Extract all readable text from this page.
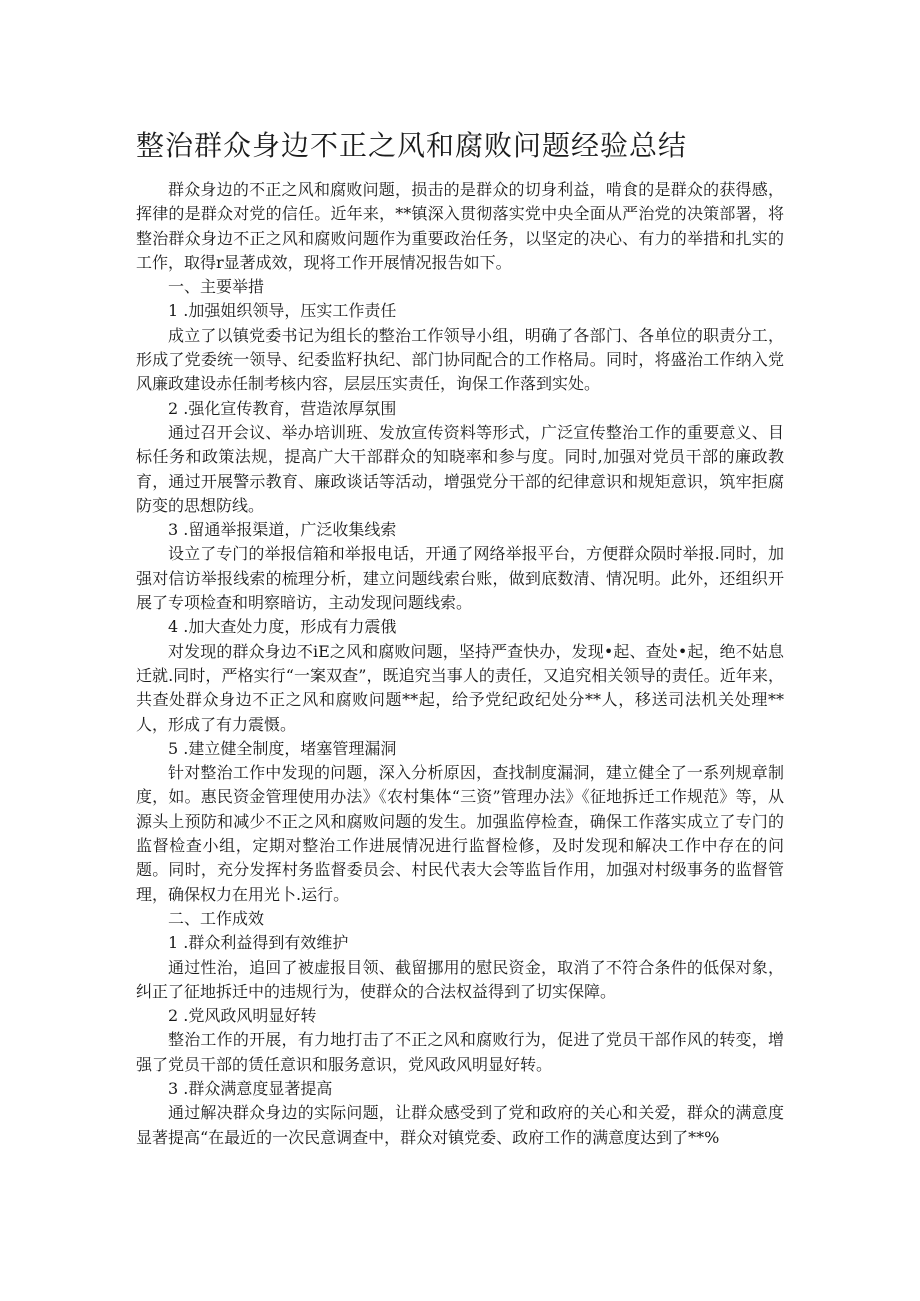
整治群众身边不正之风和腐败问题经验总结

群众身边的不正之风和腐败问题，损击的是群众的切身利益，啃食的是群众的获得感，挥律的是群众对党的信任。近年来，**镇深入贯彻落实党中央全面从严治党的决策部署，将整治群众身边不正之风和腐败问题作为重要政治任务，以坚定的决心、有力的举措和扎实的工作，取得r显著成效，现将工作开展情况报告如下。

一、主要举措

1 .加强姐织领导，压实工作责任

成立了以镇党委书记为组长的整治工作领导小组，明确了各部门、各单位的职责分工，形成了党委统一领导、纪委监籽执纪、部门协同配合的工作格局。同时，将盛治工作纳入党风廉政建设赤任制考核内容，层层压实责任，询保工作落到实处。

2 .强化宣传教育，营造浓厚氛围

通过召开会议、举办培训班、发放宣传资料等形式，广泛宣传整治工作的重要意义、目标任务和政策法规，提高广大干部群众的知晓率和参与度。同时,加强对党员干部的廉政教育，通过开展警示教育、廉政谈话等活动，增强党分干部的纪律意识和规矩意识，筑牢拒腐防变的思想防线。

3 .留通举报渠道，广泛收集线索

设立了专门的举报信箱和举报电话，开通了网络举报平台，方便群众陨时举报.同时，加强对信访举报线索的梳理分析，建立问题线索台账，做到底数清、情况明。此外，还组织开展了专项检查和明察暗访，主动发现问题线索。

4 .加大查处力度，形成有力震俄

对发现的群众身边不iE之风和腐败问题，坚持严查快办，发现•起、查处•起，绝不姑息迁就.同时，严格实行“一案双查”，既追究当事人的责任，又追究相关领导的责任。近年来，共查处群众身边不正之风和腐败问题**起，给予党纪政纪处分**人，移送司法机关处理**人，形成了有力震慑。

5 .建立健全制度，堵塞管理漏洞

针对整治工作中发现的问题，深入分析原因，查找制度漏洞，建立健全了一系列规章制度，如。惠民资金管理使用办法》《农村集体“三资”管理办法》《征地拆迁工作规范》等，从源头上预防和减少不正之风和腐败问题的发生。加强监停检查，确保工作落实成立了专门的监督检查小组，定期对整治工作进展情况进行监督检修，及时发现和解决工作中存在的问题。同时，充分发挥村务监督委员会、村民代表大会等监旨作用，加强对村级事务的监督管理，确保权力在用光卜.运行。

二、工作成效

1 .群众利益得到有效维护

通过性治，追回了被虚报目领、截留挪用的慰民资金，取消了不符合条件的低保对象，纠正了征地拆迁中的违规行为，使群众的合法权益得到了切实保障。

2 .党风政风明显好转

整治工作的开展，有力地打击了不正之风和腐败行为，促进了党员干部作风的转变，增强了党员干部的赁任意识和服务意识，党风政风明显好转。

3 .群众满意度显著提高

通过解决群众身边的实际问题，让群众感受到了党和政府的关心和关爱，群众的满意度显著提高“在最近的一次民意调查中，群众对镇党委、政府工作的满意度达到了**%
